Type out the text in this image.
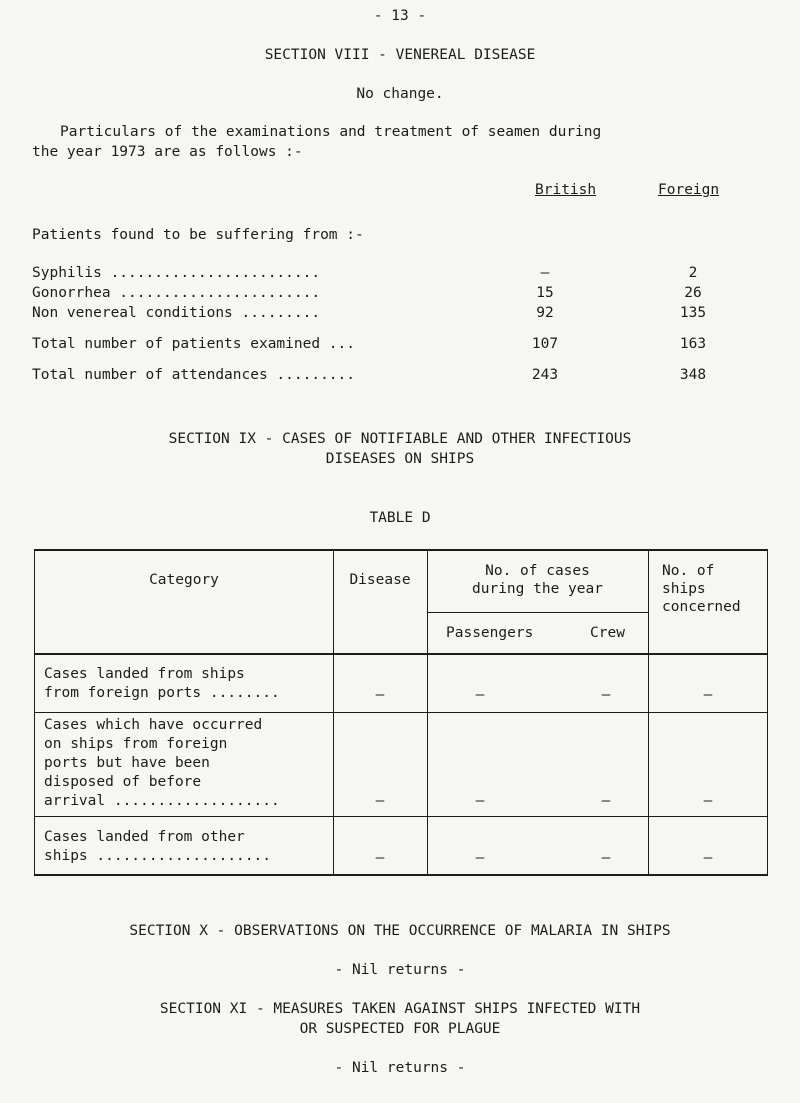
- 13 -
SECTION VIII - VENEREAL DISEASE
No change.
Particulars of the examinations and treatment of seamen during
the year 1973 are as follows :-
British	Foreign
Patients found to be suffering from :-
Syphilis ........................	–	2
Gonorrhea .......................	15	26
Non venereal conditions .........	92	135
Total number of patients examined ...	107	163
Total number of attendances .........	243	348
SECTION IX - CASES OF NOTIFIABLE AND OTHER INFECTIOUS
DISEASES ON SHIPS
TABLE D
Category	Disease
No. of cases
during the year
Passengers	Crew
No. of
ships
concerned
Cases landed from ships
from foreign ports ........	–	–	–	–
Cases which have occurred
on ships from foreign
ports but have been
disposed of before
arrival ...................	–	–	–	–
Cases landed from other
ships ....................	–	–	–	–
SECTION X - OBSERVATIONS ON THE OCCURRENCE OF MALARIA IN SHIPS
- Nil returns -
SECTION XI - MEASURES TAKEN AGAINST SHIPS INFECTED WITH
OR SUSPECTED FOR PLAGUE
- Nil returns -
